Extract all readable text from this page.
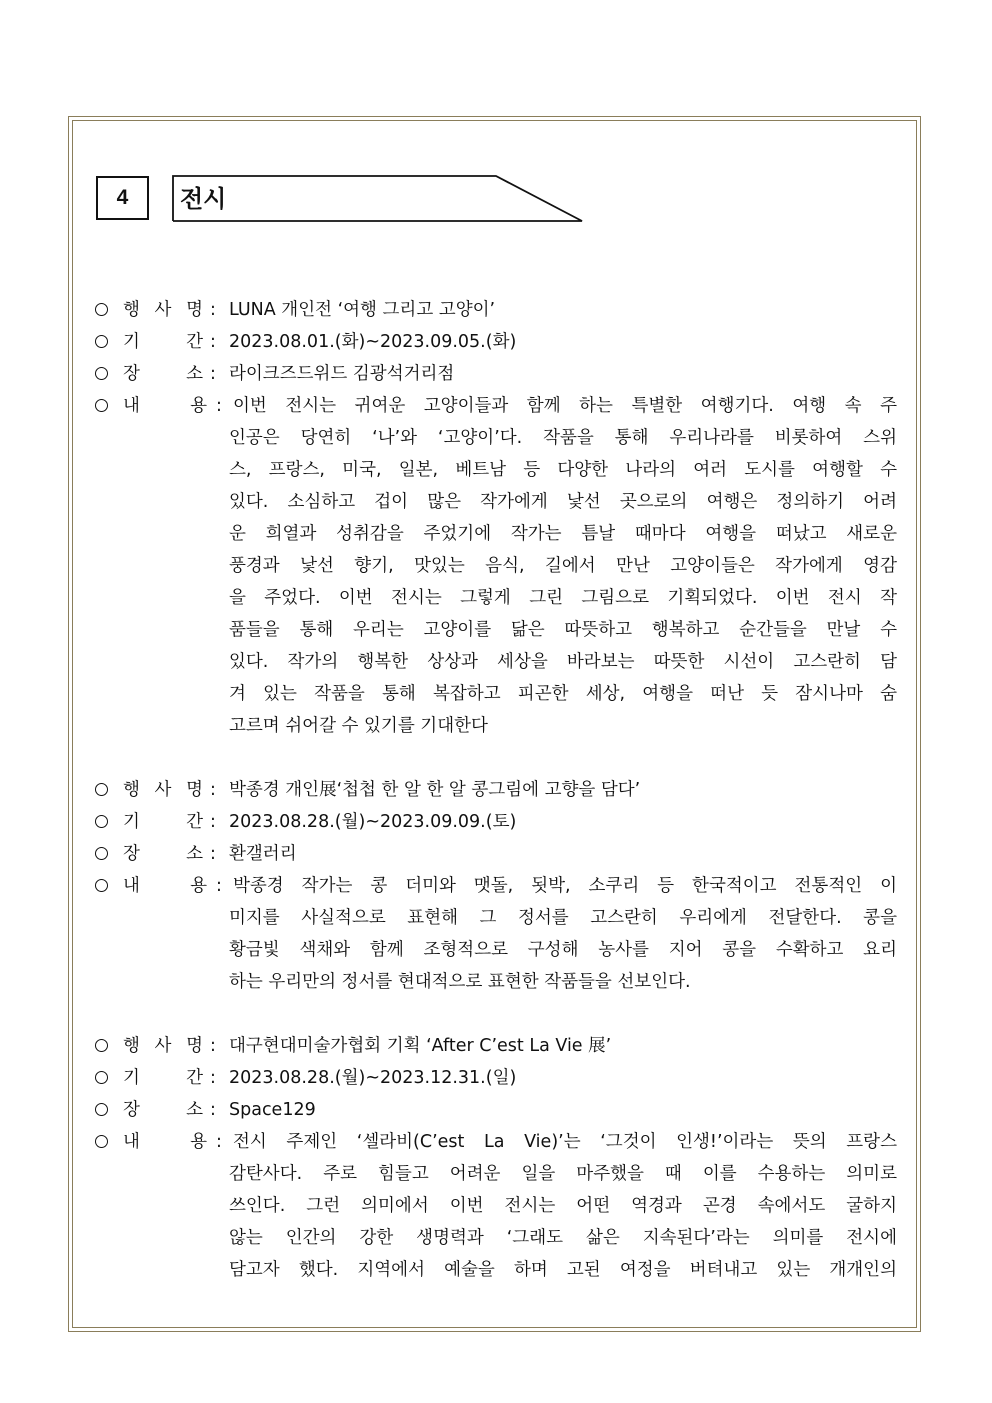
4 전시
행 사 명 : LUNA 개인전 ‘여행 그리고 고양이’
기	간 : 2023.08.01.(화)~2023.09.05.(화)
장	소 : 라이크즈드위드 김광석거리점
내	용 : 이번 전시는 귀여운 고양이들과 함께 하는 특별한 여행기다. 여행 속 주
인공은 당연히 ‘나’와 ‘고양이’다. 작품을 통해 우리나라를 비롯하여 스위
스, 프랑스, 미국, 일본, 베트남 등 다양한 나라의 여러 도시를 여행할 수
있다. 소심하고 겁이 많은 작가에게 낯선 곳으로의 여행은 정의하기 어려
운 희열과 성취감을 주었기에 작가는 틈날 때마다 여행을 떠났고 새로운
풍경과 낯선 향기, 맛있는 음식, 길에서 만난 고양이들은 작가에게 영감
을 주었다. 이번 전시는 그렇게 그린 그림으로 기획되었다. 이번 전시 작
품들을 통해 우리는 고양이를 닮은 따뜻하고 행복하고 순간들을 만날 수
있다. 작가의 행복한 상상과 세상을 바라보는 따뜻한 시선이 고스란히 담
겨 있는 작품을 통해 복잡하고 피곤한 세상, 여행을 떠난 듯 잠시나마 숨
고르며 쉬어갈 수 있기를 기대한다
행 사 명 : 박종경 개인展‘첩첩 한 알 한 알 콩그림에 고향을 담다’
기	간 : 2023.08.28.(월)~2023.09.09.(토)
장	소 : 환갤러리
내	용 : 박종경 작가는 콩 더미와 맷돌, 됫박, 소쿠리 등 한국적이고 전통적인 이
미지를 사실적으로 표현해 그 정서를 고스란히 우리에게 전달한다. 콩을
황금빛 색채와 함께 조형적으로 구성해 농사를 지어 콩을 수확하고 요리
하는 우리만의 정서를 현대적으로 표현한 작품들을 선보인다.
행 사 명 : 대구현대미술가협회 기획 ‘After C’est La Vie 展’
기	간 : 2023.08.28.(월)~2023.12.31.(일)
장	소 : Space129
내	용 : 전시 주제인 ‘셀라비(C’est La Vie)’는 ‘그것이 인생!’이라는 뜻의 프랑스
감탄사다. 주로 힘들고 어려운 일을 마주했을 때 이를 수용하는 의미로
쓰인다. 그런 의미에서 이번 전시는 어떤 역경과 곤경 속에서도 굴하지
않는 인간의 강한 생명력과 ‘그래도 삶은 지속된다’라는 의미를 전시에
담고자 했다. 지역에서 예술을 하며 고된 여정을 버텨내고 있는 개개인의
